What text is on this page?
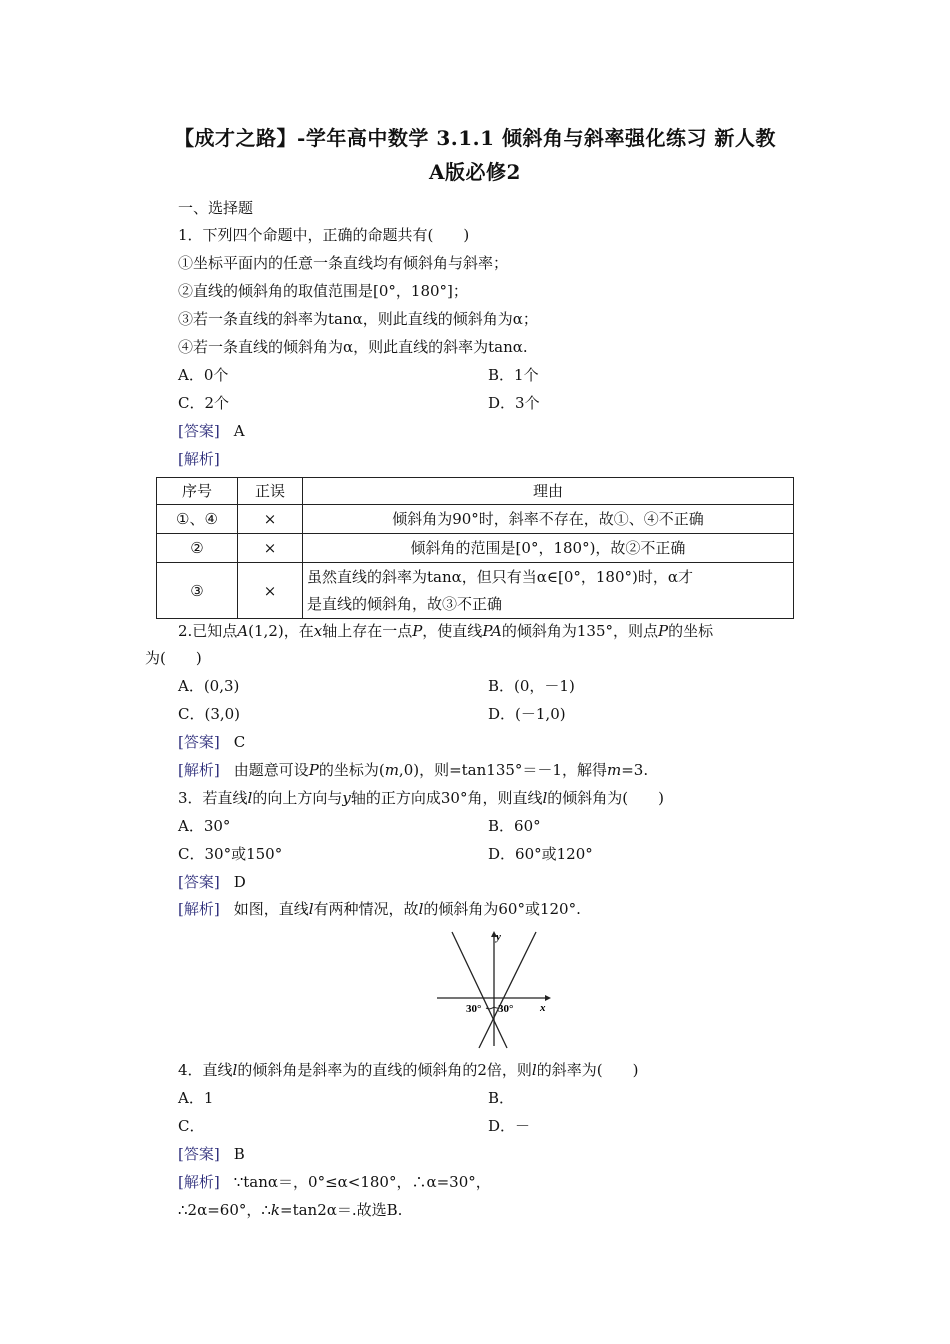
【成才之路】-学年高中数学 3.1.1 倾斜角与斜率强化练习 新人教
A版必修2
一、选择题
1．下列四个命题中，正确的命题共有(　　)
①坐标平面内的任意一条直线均有倾斜角与斜率；
②直线的倾斜角的取值范围是[0°，180°]；
③若一条直线的斜率为tanα，则此直线的倾斜角为α；
④若一条直线的倾斜角为α，则此直线的斜率为tanα.
A．0个	B．1个
C．2个	D．3个
[答案] A
[解析]
序号	正误	理由
①、④	×	倾斜角为90°时，斜率不存在，故①、④不正确
②	×	倾斜角的范围是[0°，180°)，故②不正确
③	×	虽然直线的斜率为tanα，但只有当α∈[0°，180°)时，α才
是直线的倾斜角，故③不正确
2.已知点A(1,2)，在x轴上存在一点P，使直线PA的倾斜角为135°，则点P的坐标
为(　　)
A．(0,3)	B．(0，－1)
C．(3,0)	D．(－1,0)
[答案] C
[解析] 由题意可设P的坐标为(m,0)，则=tan135°＝－1，解得m=3.
3．若直线l的向上方向与y轴的正方向成30°角，则直线l的倾斜角为(　　)
A．30°	B．60°
C．30°或150°	D．60°或120°
[答案] D
[解析] 如图，直线l有两种情况，故l的倾斜角为60°或120°.
y
x
30° 30°
4．直线l的倾斜角是斜率为的直线的倾斜角的2倍，则l的斜率为(　　)
A．1	B．
C．	D．－
[答案] B
[解析] ∵tanα＝，0°≤α<180°，∴α=30°，
∴2α=60°，∴k=tan2α＝.故选B.
